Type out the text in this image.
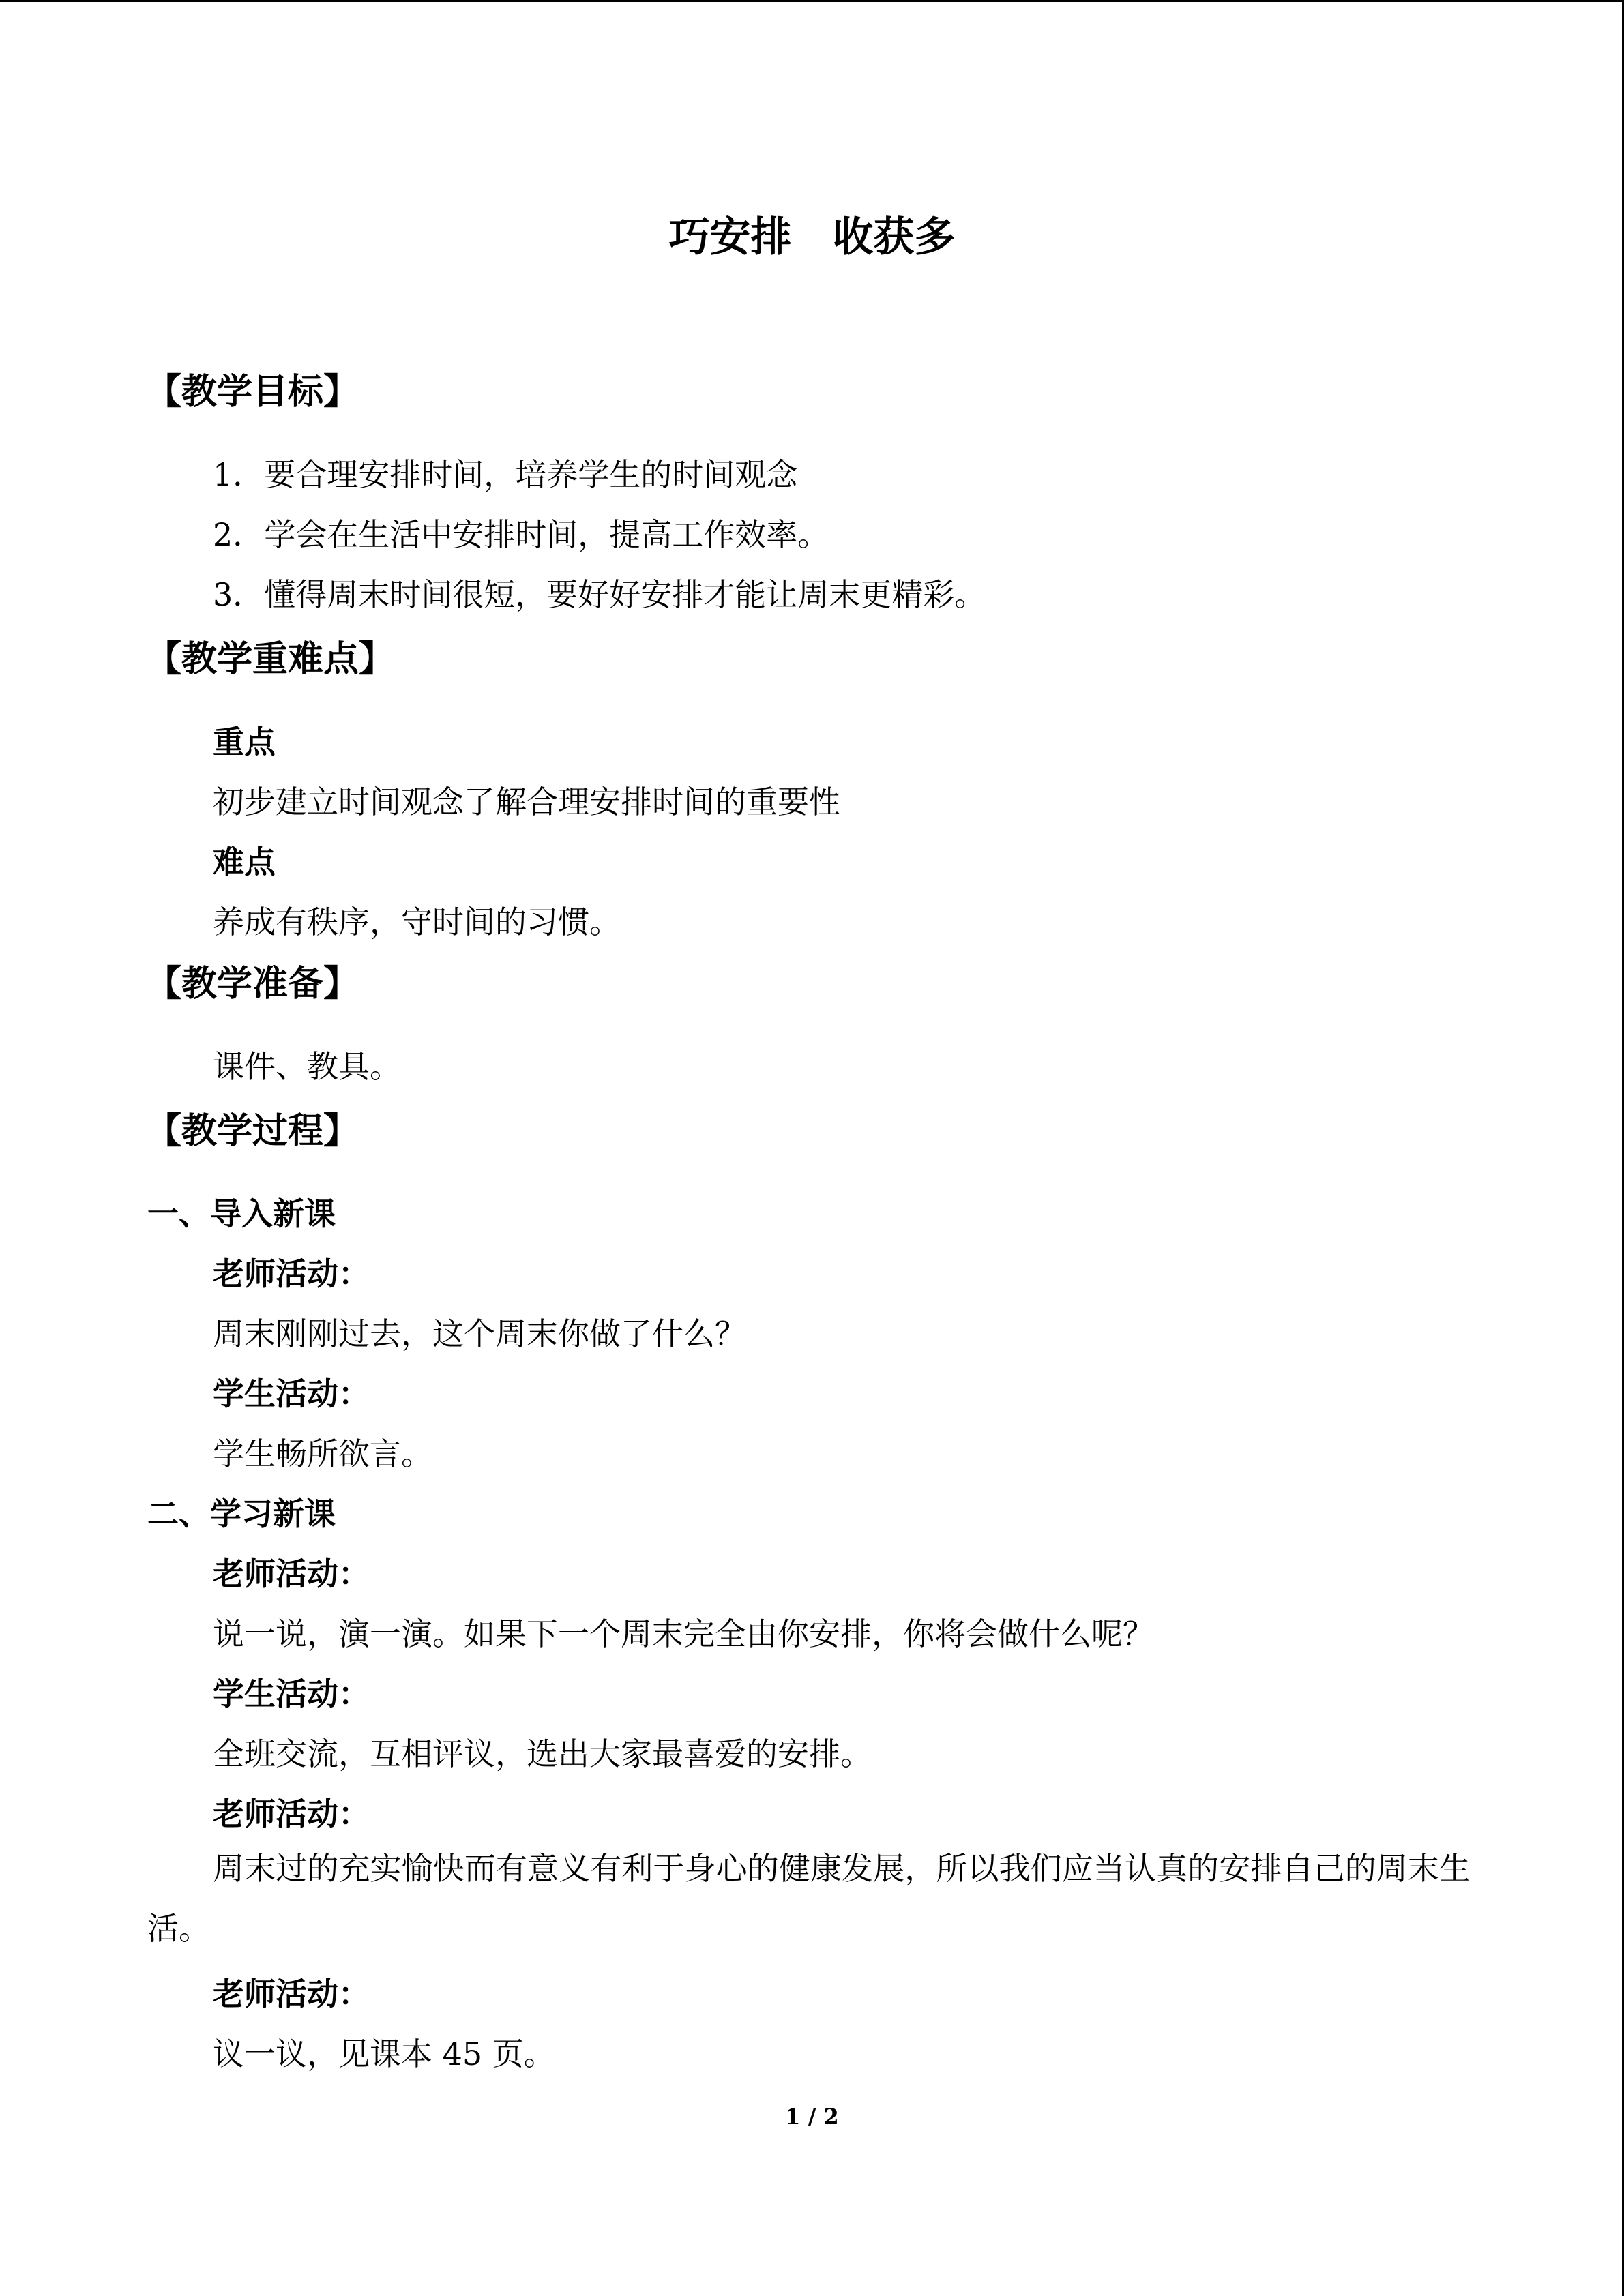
巧安排　收获多
【教学目标】
1．要合理安排时间，培养学生的时间观念
2．学会在生活中安排时间，提高工作效率。
3．懂得周末时间很短，要好好安排才能让周末更精彩。
【教学重难点】
重点
初步建立时间观念了解合理安排时间的重要性
难点
养成有秩序，守时间的习惯。
【教学准备】
课件、教具。
【教学过程】
一、导入新课
老师活动：
周末刚刚过去，这个周末你做了什么？
学生活动：
学生畅所欲言。
二、学习新课
老师活动：
说一说，演一演。如果下一个周末完全由你安排，你将会做什么呢？
学生活动：
全班交流，互相评议，选出大家最喜爱的安排。
老师活动：
周末过的充实愉快而有意义有利于身心的健康发展，所以我们应当认真的安排自己的周末生活。
老师活动：
议一议，见课本 45 页。
1 / 2
